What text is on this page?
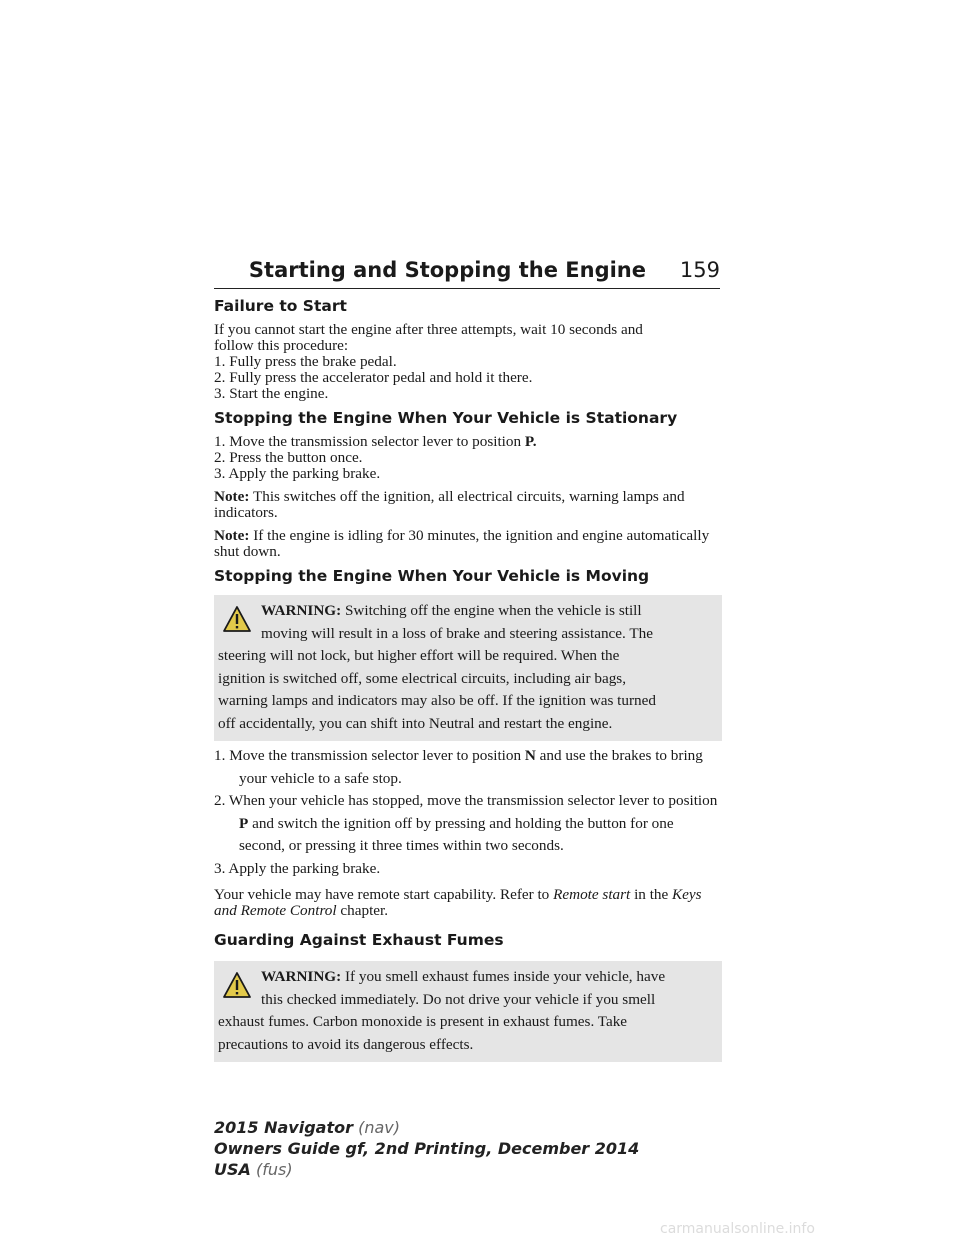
Starting and Stopping the Engine 159
Failure to Start
If you cannot start the engine after three attempts, wait 10 seconds and
follow this procedure:
1. Fully press the brake pedal.
2. Fully press the accelerator pedal and hold it there.
3. Start the engine.
Stopping the Engine When Your Vehicle is Stationary
1. Move the transmission selector lever to position P.
2. Press the button once.
3. Apply the parking brake.

Note: This switches off the ignition, all electrical circuits, warning lamps and indicators.

Note: If the engine is idling for 30 minutes, the ignition and engine automatically shut down.

Stopping the Engine When Your Vehicle is Moving
WARNING: Switching off the engine when the vehicle is still
moving will result in a loss of brake and steering assistance. The
steering will not lock, but higher effort will be required. When the
ignition is switched off, some electrical circuits, including air bags,
warning lamps and indicators may also be off. If the ignition was turned
off accidentally, you can shift into Neutral and restart the engine.
1. Move the transmission selector lever to position N and use the brakes to bring your vehicle to a safe stop.
2. When your vehicle has stopped, move the transmission selector lever to position P and switch the ignition off by pressing and holding the button for one second, or pressing it three times within two seconds.
3. Apply the parking brake.

Your vehicle may have remote start capability. Refer to Remote start in the Keys and Remote Control chapter.

Guarding Against Exhaust Fumes
WARNING: If you smell exhaust fumes inside your vehicle, have
this checked immediately. Do not drive your vehicle if you smell
exhaust fumes. Carbon monoxide is present in exhaust fumes. Take
precautions to avoid its dangerous effects.
2015 Navigator (nav)
Owners Guide gf, 2nd Printing, December 2014
USA (fus)
carmanualsonline.info
